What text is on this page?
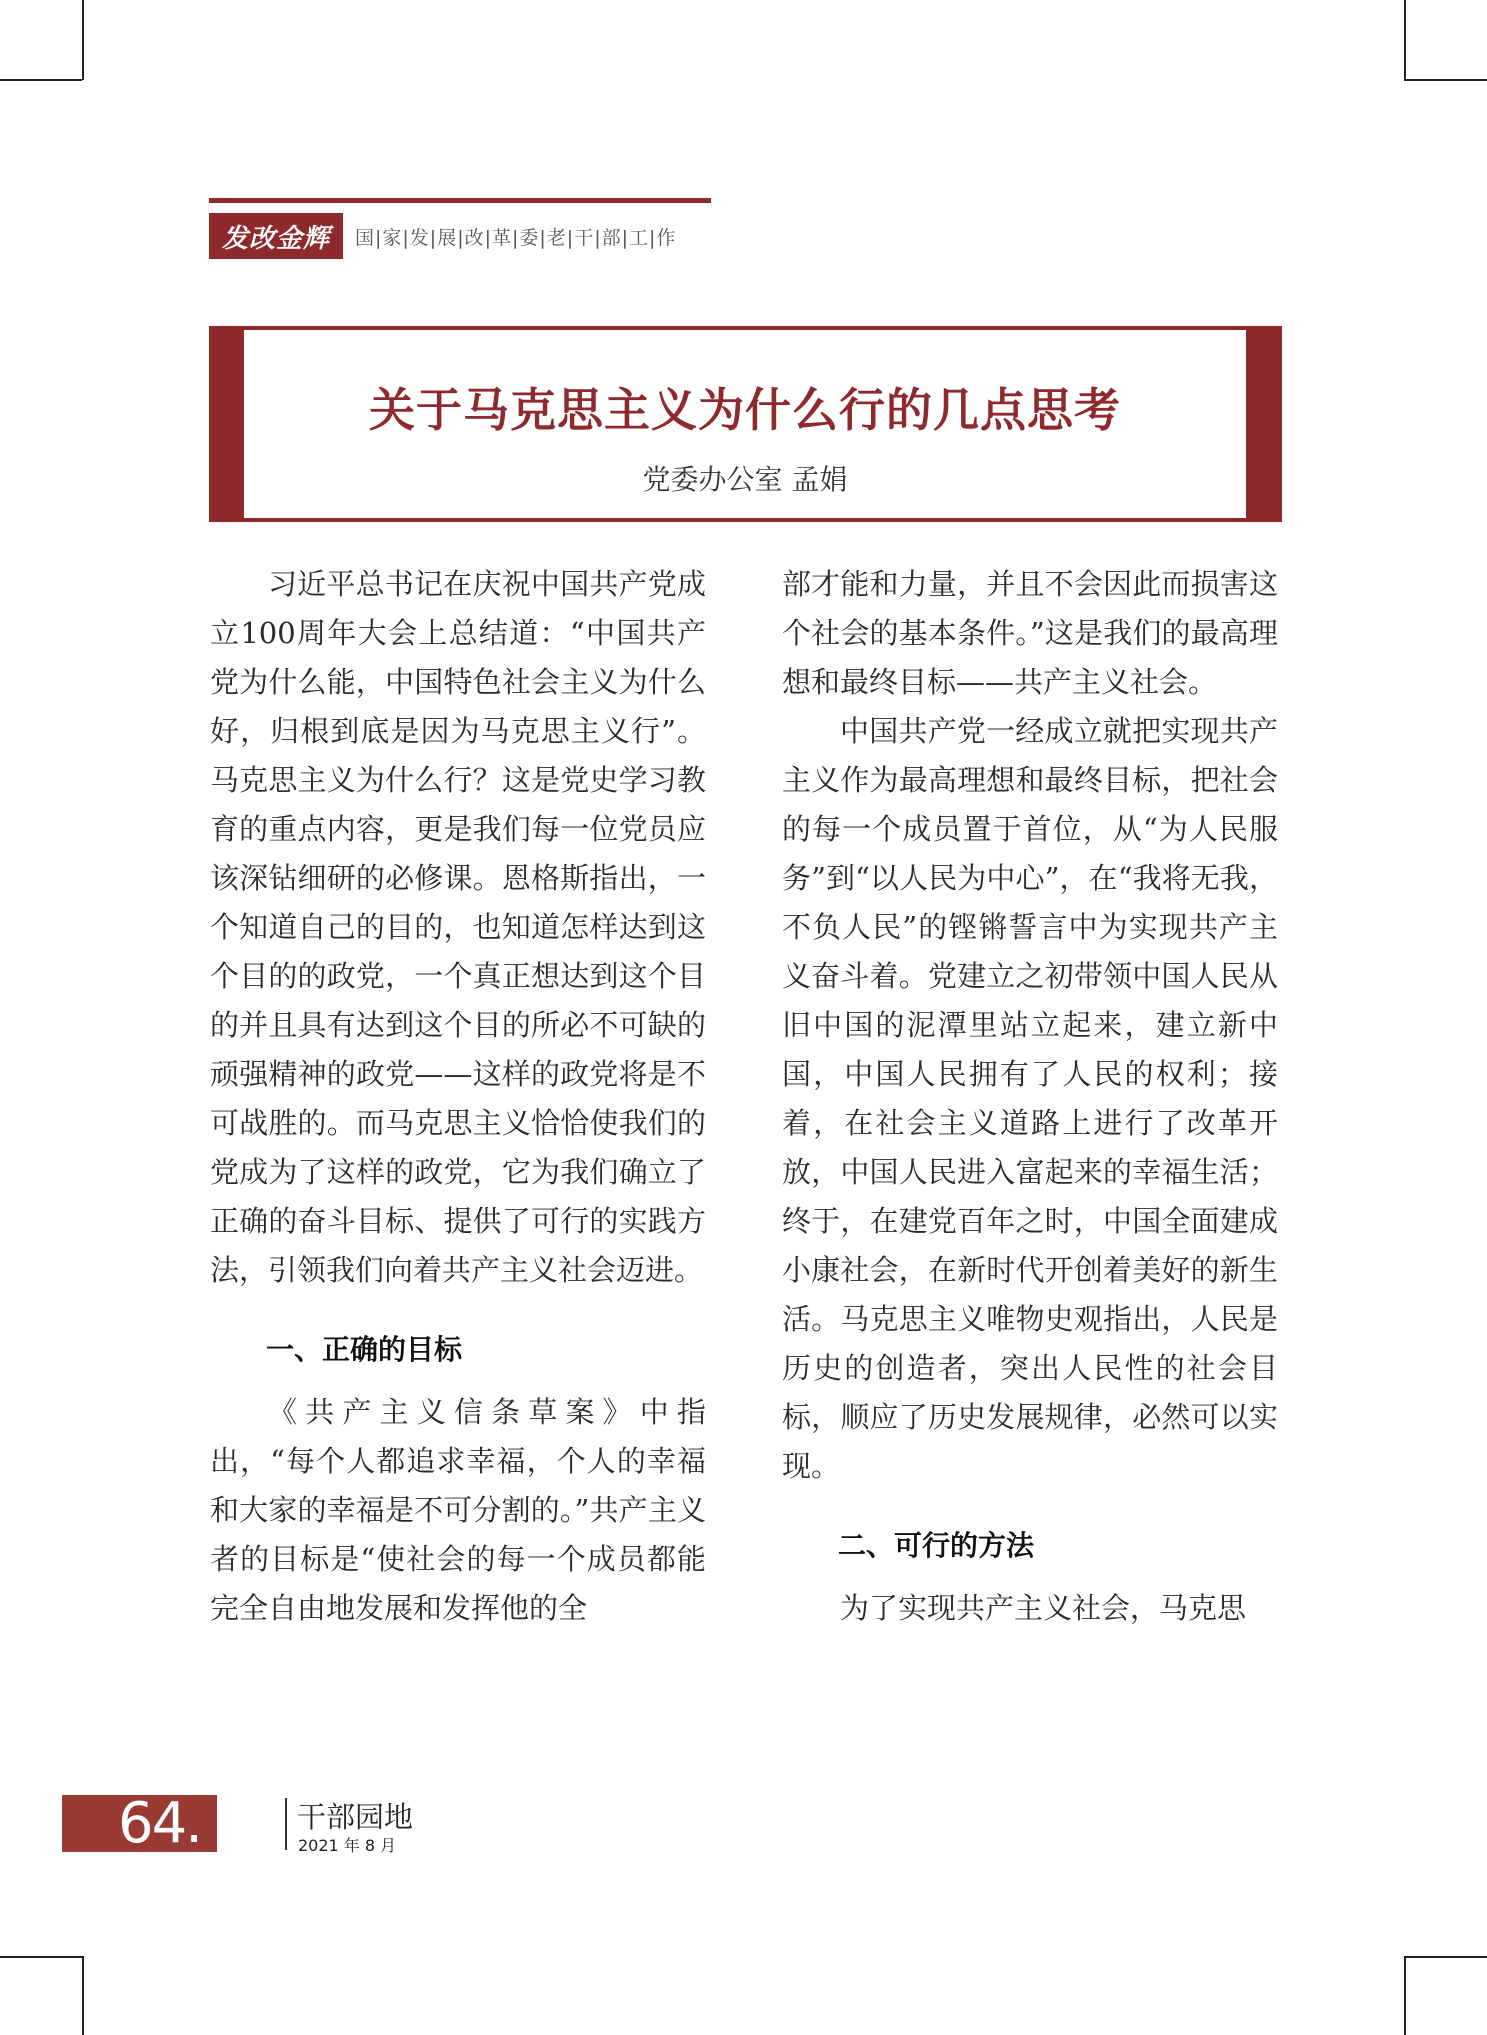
发改金辉 国|家|发|展|改|革|委|老|干|部|工|作
关于马克思主义为什么行的几点思考
党委办公室 孟娟

习近平总书记在庆祝中国共产党成立100周年大会上总结道：“中国共产党为什么能，中国特色社会主义为什么好，归根到底是因为马克思主义行”。马克思主义为什么行？这是党史学习教育的重点内容，更是我们每一位党员应该深钻细研的必修课。恩格斯指出，一个知道自己的目的，也知道怎样达到这个目的的政党，一个真正想达到这个目的并且具有达到这个目的所必不可缺的顽强精神的政党——这样的政党将是不可战胜的。而马克思主义恰恰使我们的党成为了这样的政党，它为我们确立了正确的奋斗目标、提供了可行的实践方法，引领我们向着共产主义社会迈进。

一、正确的目标

《共产主义信条草案》中指出，“每个人都追求幸福，个人的幸福和大家的幸福是不可分割的。”共产主义者的目标是“使社会的每一个成员都能完全自由地发展和发挥他的全

部才能和力量，并且不会因此而损害这个社会的基本条件。”这是我们的最高理想和最终目标——共产主义社会。

中国共产党一经成立就把实现共产主义作为最高理想和最终目标，把社会的每一个成员置于首位，从“为人民服务”到“以人民为中心”，在“我将无我，不负人民”的铿锵誓言中为实现共产主义奋斗着。党建立之初带领中国人民从旧中国的泥潭里站立起来，建立新中国，中国人民拥有了人民的权利；接着，在社会主义道路上进行了改革开放，中国人民进入富起来的幸福生活；终于，在建党百年之时，中国全面建成小康社会，在新时代开创着美好的新生活。马克思主义唯物史观指出，人民是历史的创造者，突出人民性的社会目标，顺应了历史发展规律，必然可以实现。

二、可行的方法

为了实现共产主义社会，马克思

64.	干部园地
2021 年 8 月
